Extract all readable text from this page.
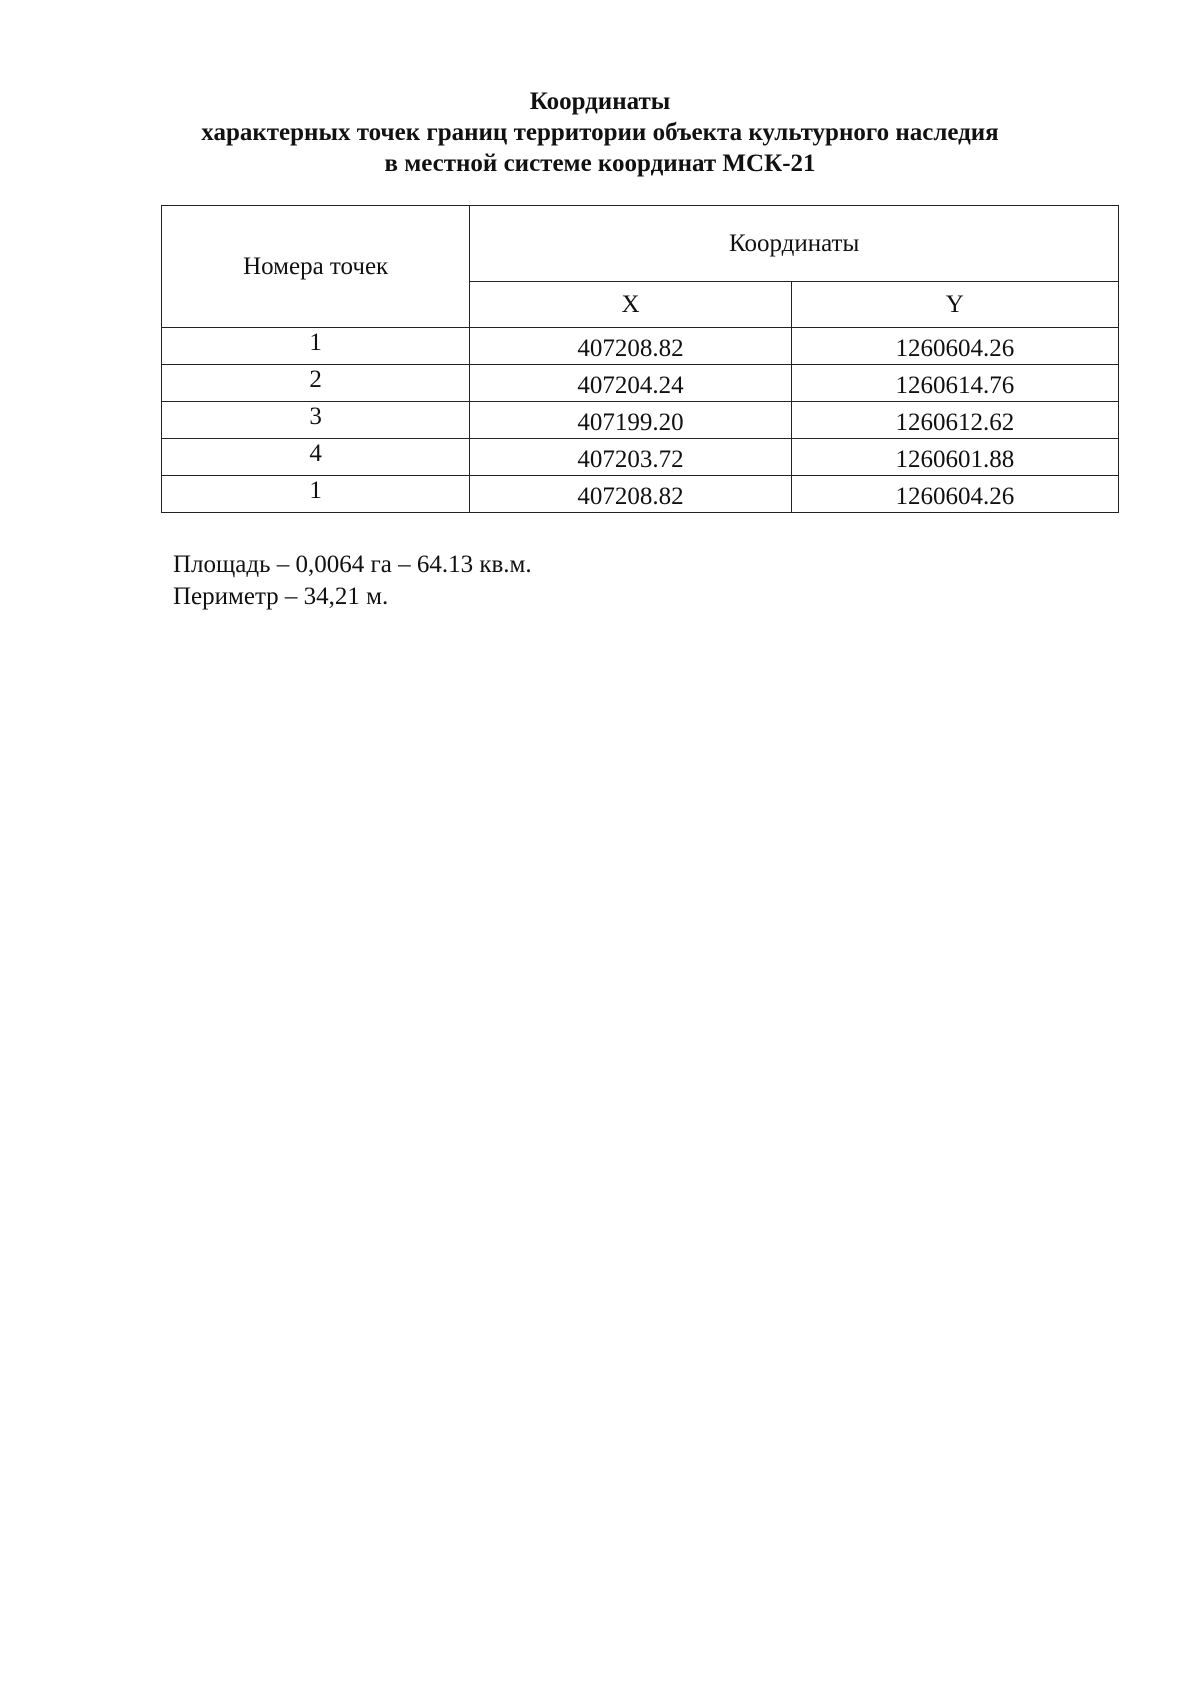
Координаты
характерных точек границ территории объекта культурного наследия
в местной системе координат МСК-21
Номера точек	Координаты	
	X	Y
1	407208.82	1260604.26
2	407204.24	1260614.76
3	407199.20	1260612.62
4	407203.72	1260601.88
1	407208.82	1260604.26
Площадь – 0,0064 га – 64.13 кв.м.
Периметр – 34,21 м.
